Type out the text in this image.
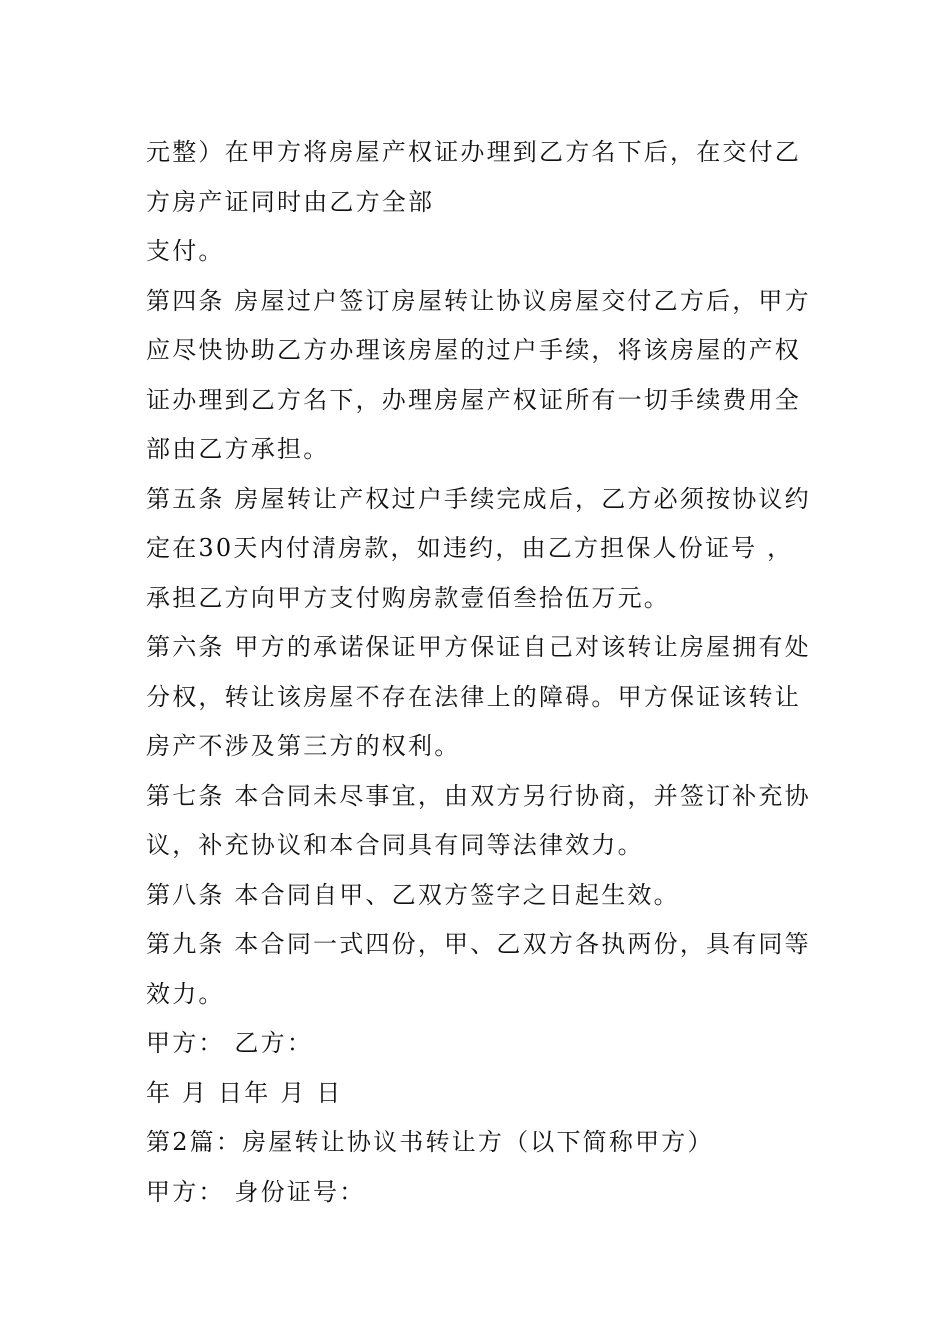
元整）在甲方将房屋产权证办理到乙方名下后，在交付乙方房产证同时由乙方全部

支付。

第四条 房屋过户签订房屋转让协议房屋交付乙方后，甲方应尽快协助乙方办理该房屋的过户手续，将该房屋的产权证办理到乙方名下，办理房屋产权证所有一切手续费用全部由乙方承担。

第五条 房屋转让产权过户手续完成后，乙方必须按协议约定在30天内付清房款，如违约，由乙方担保人份证号 ，承担乙方向甲方支付购房款壹佰叁拾伍万元。

第六条 甲方的承诺保证甲方保证自己对该转让房屋拥有处分权，转让该房屋不存在法律上的障碍。甲方保证该转让房产不涉及第三方的权利。

第七条 本合同未尽事宜，由双方另行协商，并签订补充协议，补充协议和本合同具有同等法律效力。

第八条 本合同自甲、乙双方签字之日起生效。

第九条 本合同一式四份，甲、乙双方各执两份，具有同等效力。

甲方： 乙方：

年 月 日年 月 日

第2篇：房屋转让协议书转让方（以下简称甲方）

甲方： 身份证号：
